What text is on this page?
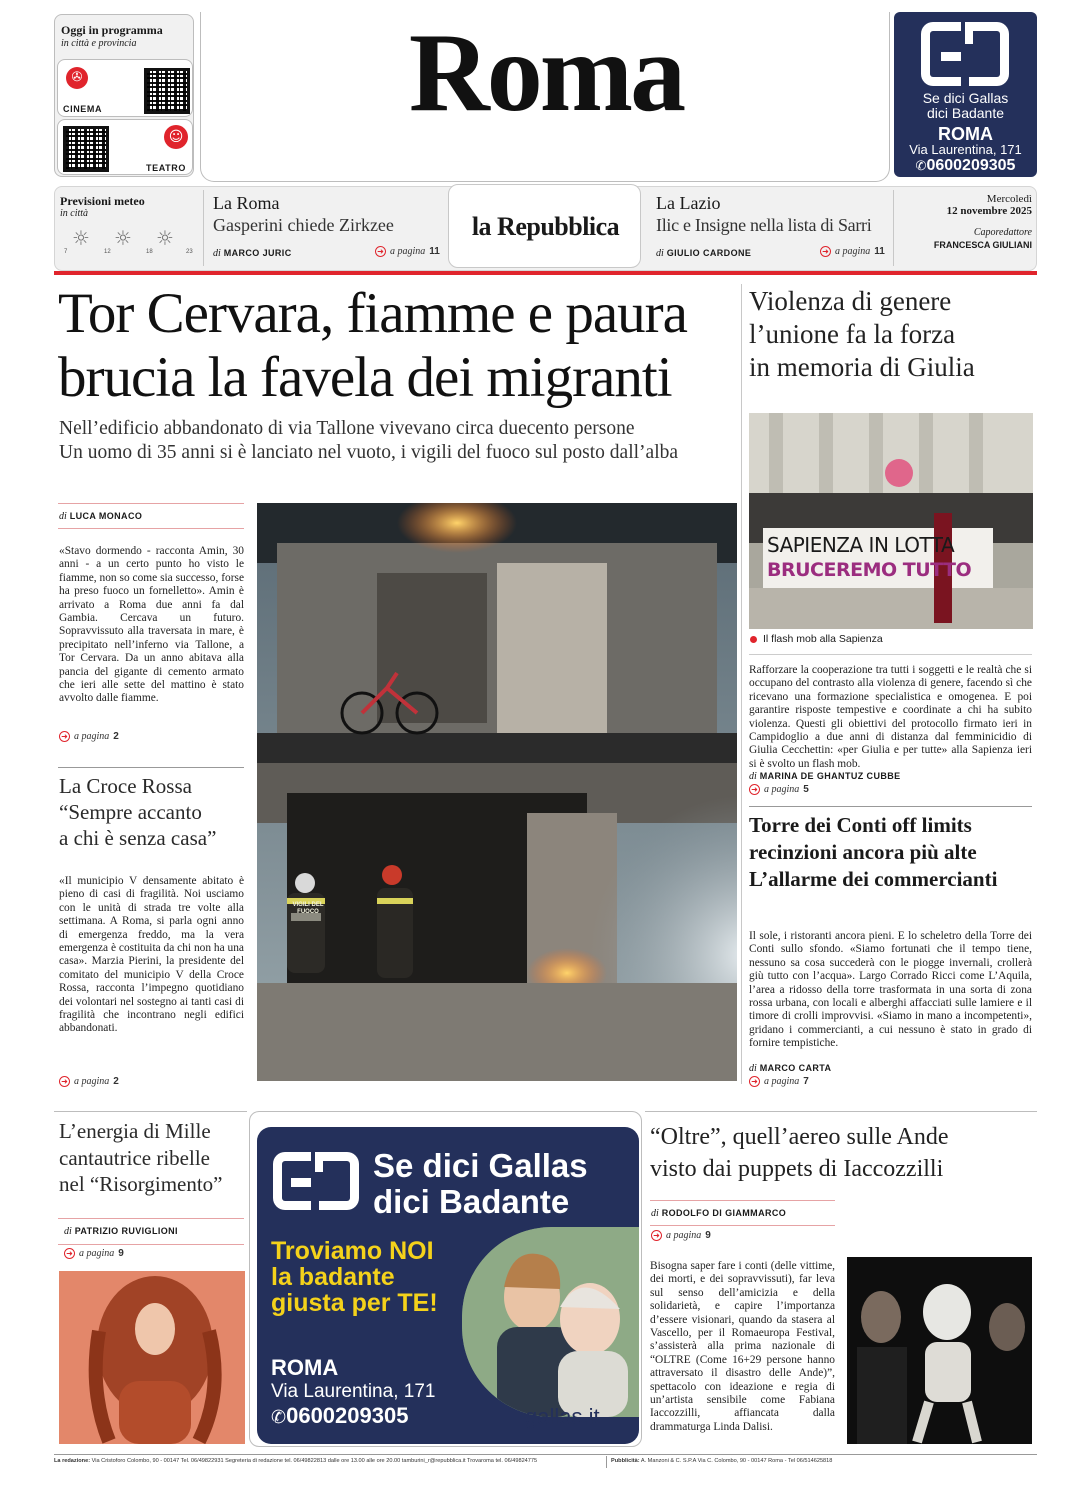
Oggi in programma
in città e provincia
✇
CINEMA
☺
TEATRO
Roma	Se dici Gallas
dici Badante
ROMA
Via Laurentina, 171
✆0600209305
Previsioni meteo
in città
☼ ☼ ☼
7	12	18	23
La Roma
Gasperini chiede Zirkzee
di MARCO JURIC	➜ a pagina 11
la Repubblica
La Lazio
Ilic e Insigne nella lista di Sarri
di GIULIO CARDONE	➜ a pagina 11
Mercoledì
12 novembre 2025
Caporedattore
FRANCESCA GIULIANI
Tor Cervara, fiamme e paura
brucia la favela dei migranti
Nell’edificio abbandonato di via Tallone vivevano circa duecento persone
Un uomo di 35 anni si è lanciato nel vuoto, i vigili del fuoco sul posto dall’alba
di LUCA MONACO
«Stavo dormendo - racconta Amin, 30 anni - a un certo punto ho visto le fiamme, non so come sia successo, forse ha preso fuoco un fornelletto». Amin è arrivato a Roma due anni fa dal Gambia. Cercava un futuro. Sopravvissuto alla traversata in mare, è precipitato nell’inferno via Tallone, a Tor Cervara. Da un anno abitava alla pancia del gigante di cemento armato che ieri alle sette del mattino è stato avvolto dalle fiamme.
➜ a pagina 2
VIGILI DEL FUOCO
La Croce Rossa
“Sempre accanto
a chi è senza casa”
«Il municipio V densamente abitato è pieno di casi di fragilità. Noi usciamo con le unità di strada tre volte alla settimana. A Roma, si parla ogni anno di emergenza freddo, ma la vera emergenza è costituita da chi non ha una casa». Marzia Pierini, la presidente del comitato del municipio V della Croce Rossa, racconta l’impegno quotidiano dei volontari nel sostegno ai tanti casi di fragilità che incontrano negli edifici abbandonati.
➜ a pagina 2
Violenza di genere
l’unione fa la forza
in memoria di Giulia
SAPIENZA IN LOTTA
BRUCEREMO TUTTO
Il flash mob alla Sapienza
Rafforzare la cooperazione tra tutti i soggetti e le realtà che si occupano del contrasto alla violenza di genere, facendo sì che ricevano una formazione specialistica e omogenea. E poi garantire risposte tempestive e coordinate a chi ha subito violenza. Questi gli obiettivi del protocollo firmato ieri in Campidoglio a due anni di distanza dal femminicidio di Giulia Cecchettin: «per Giulia e per tutte» alla Sapienza ieri si è svolto un flash mob.
di MARINA DE GHANTUZ CUBBE
➜ a pagina 5
Torre dei Conti off limits
recinzioni ancora più alte
L’allarme dei commercianti
Il sole, i ristoranti ancora pieni. E lo scheletro della Torre dei Conti sullo sfondo. «Siamo fortunati che il tempo tiene, nessuno sa cosa succederà con le piogge invernali, crollerà giù tutto con l’acqua». Largo Corrado Ricci come L’Aquila, l’area a ridosso della torre trasformata in una sorta di zona rossa urbana, con locali e alberghi affacciati sulle lamiere e il timore di crolli improvvisi. «Siamo in mano a incompetenti», gridano i commercianti, a cui nessuno è stato in grado di fornire tempistiche.
di MARCO CARTA
➜ a pagina 7
L’energia di Mille
cantautrice ribelle
nel “Risorgimento”
di PATRIZIO RUVIGLIONI
➜ a pagina 9
Se dici Gallas
dici Badante
Troviamo NOI
la badante
giusta per TE!
ROMA
Via Laurentina, 171
✆0600209305	gallas.it
“Oltre”, quell’aereo sulle Ande
visto dai puppets di Iaccozzilli
di RODOLFO DI GIAMMARCO
➜ a pagina 9
Bisogna saper fare i conti (delle vittime, dei morti, e dei sopravvissuti), far leva sul senso dell’amicizia e della solidarietà, e capire l’importanza d’essere visionari, quando da stasera al Vascello, per il Romaeuropa Festival, s’assisterà alla prima nazionale di “OLTRE (Come 16+29 persone hanno attraversato il disastro delle Ande)”, spettacolo con ideazione e regia di un’artista sensibile come Fabiana Iaccozzilli, affiancata dalla drammaturga Linda Dalisi.
La redazione: Via Cristoforo Colombo, 90 - 00147 Tel. 06/49822931 Segreteria di redazione tel. 06/49822813 dalle ore 13.00 alle ore 20.00 tamburini_r@repubblica.it Trovaroma tel. 06/49824775	Pubblicità: A. Manzoni & C. S.P.A Via C. Colombo, 90 - 00147 Roma - Tel 06/514625818
